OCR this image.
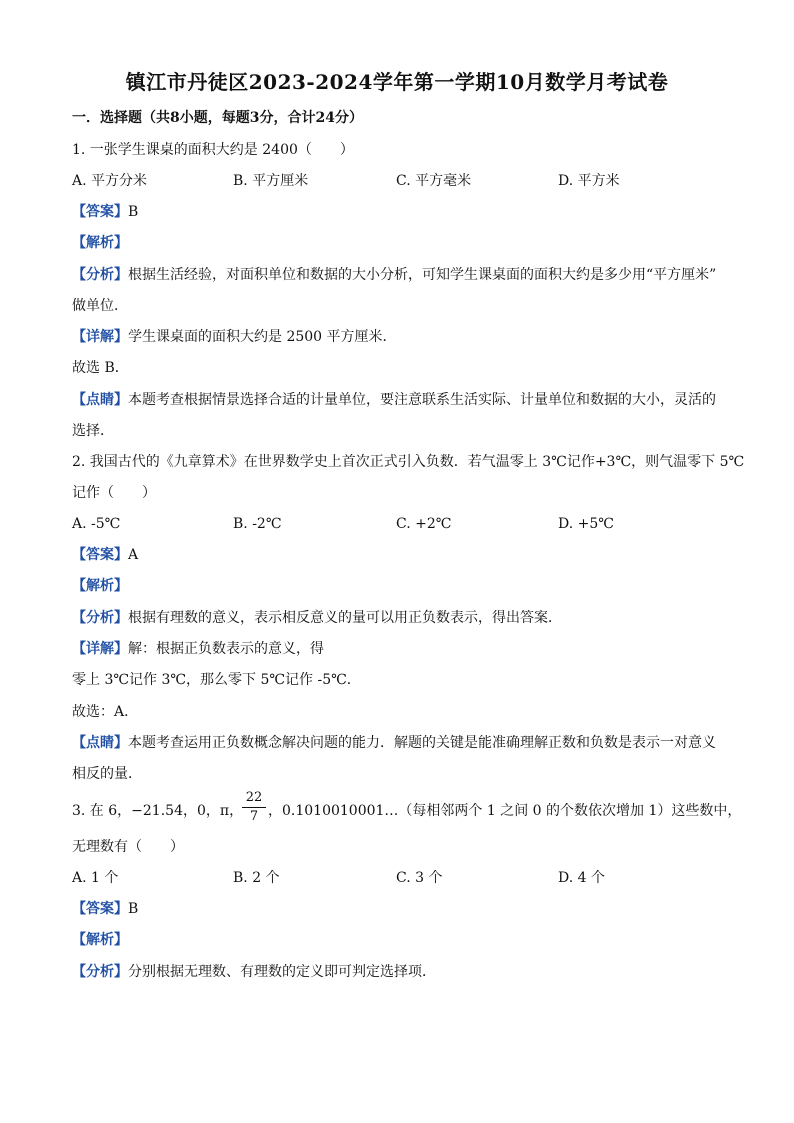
镇江市丹徒区2023-2024学年第一学期10月数学月考试卷
一．选择题（共8小题，每题3分，合计24分）
1. 一张学生课桌的面积大约是 2400（　　）
A. 平方分米	B. 平方厘米	C. 平方毫米	D. 平方米
【答案】B
【解析】
【分析】根据生活经验，对面积单位和数据的大小分析，可知学生课桌面的面积大约是多少用“平方厘米”
做单位．
【详解】学生课桌面的面积大约是 2500 平方厘米．
故选 B．
【点睛】本题考查根据情景选择合适的计量单位，要注意联系生活实际、计量单位和数据的大小，灵活的
选择．
2. 我国古代的《九章算术》在世界数学史上首次正式引入负数．若气温零上 3℃记作+3℃，则气温零下 5℃
记作（　　）
A. -5℃	B. -2℃	C. +2℃	D. +5℃
【答案】A
【解析】
【分析】根据有理数的意义，表示相反意义的量可以用正负数表示，得出答案．
【详解】解：根据正负数表示的意义，得
零上 3℃记作 3℃，那么零下 5℃记作 -5℃．
故选：A．
【点睛】本题考查运用正负数概念解决问题的能力．解题的关键是能准确理解正数和负数是表示一对意义
相反的量．
3. 在 6，−21.54，0，π，
$\frac{22}{7}$ ，0.1010010001…（每相邻两个 1 之间 0 的个数依次增加 1）这些数中，
无理数有（　　）
A. 1 个	B. 2 个	C. 3 个	D. 4 个
【答案】B
【解析】
【分析】分别根据无理数、有理数的定义即可判定选择项．
